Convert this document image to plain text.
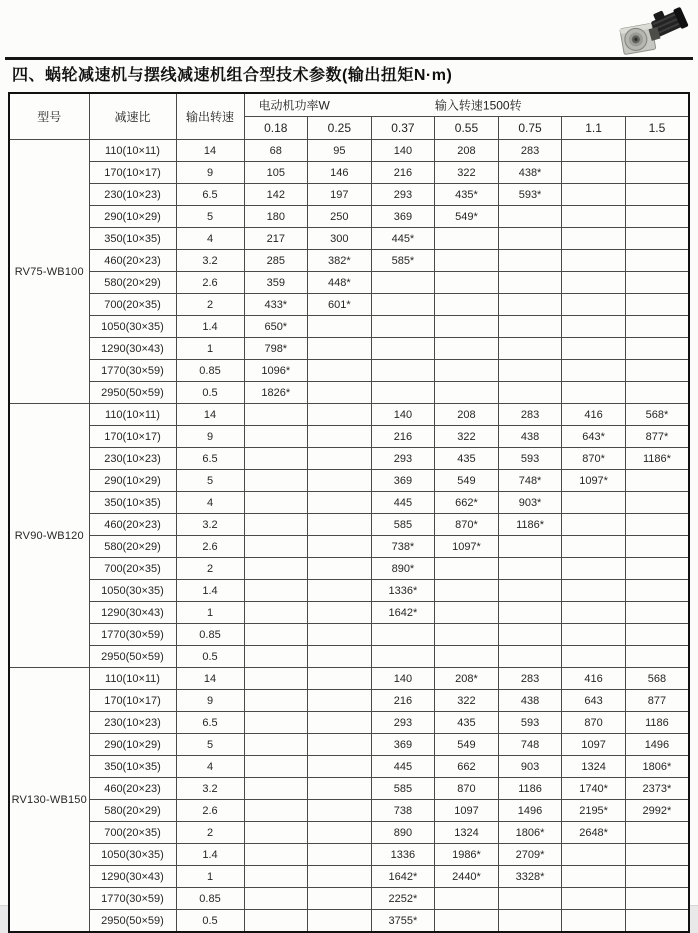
四、蜗轮减速机与摆线减速机组合型技术参数(输出扭矩N·m)
型号	减速比	输出转速	电动机功率W 输入转速1500转						

			0.18	0.25	0.37	0.55	0.75	1.1	1.5
RV75-WB100	110(10×11)	14	68	95	140	208	283		
	170(10×17)	9	105	146	216	322	438*		
	230(10×23)	6.5	142	197	293	435*	593*		
	290(10×29)	5	180	250	369	549*			
	350(10×35)	4	217	300	445*				
	460(20×23)	3.2	285	382*	585*				
	580(20×29)	2.6	359	448*					
	700(20×35)	2	433*	601*					
	1050(30×35)	1.4	650*						
	1290(30×43)	1	798*						
	1770(30×59)	0.85	1096*						
	2950(50×59)	0.5	1826*						
RV90-WB120	110(10×11)	14			140	208	283	416	568*
	170(10×17)	9			216	322	438	643*	877*
	230(10×23)	6.5			293	435	593	870*	1186*
	290(10×29)	5			369	549	748*	1097*	
	350(10×35)	4			445	662*	903*		
	460(20×23)	3.2			585	870*	1186*		
	580(20×29)	2.6			738*	1097*			
	700(20×35)	2			890*				
	1050(30×35)	1.4			1336*				
	1290(30×43)	1			1642*				
	1770(30×59)	0.85							
	2950(50×59)	0.5							
RV130-WB150	110(10×11)	14			140	208*	283	416	568
	170(10×17)	9			216	322	438	643	877
	230(10×23)	6.5			293	435	593	870	1186
	290(10×29)	5			369	549	748	1097	1496
	350(10×35)	4			445	662	903	1324	1806*
	460(20×23)	3.2			585	870	1186	1740*	2373*
	580(20×29)	2.6			738	1097	1496	2195*	2992*
	700(20×35)	2			890	1324	1806*	2648*	
	1050(30×35)	1.4			1336	1986*	2709*		
	1290(30×43)	1			1642*	2440*	3328*		
	1770(30×59)	0.85			2252*				
	2950(50×59)	0.5			3755*				
